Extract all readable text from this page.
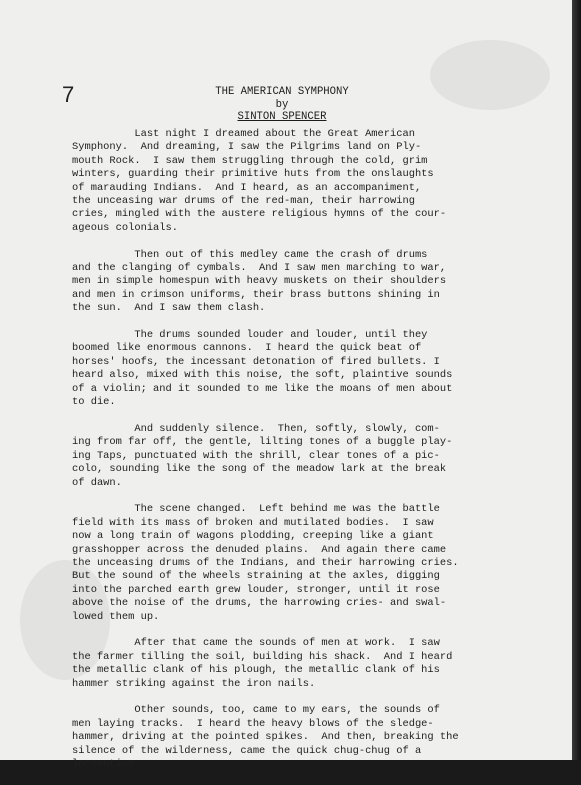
7	THE AMERICAN SYMPHONY
by
SINTON SPENCER
Last night I dreamed about the Great American
Symphony.  And dreaming, I saw the Pilgrims land on Ply-
mouth Rock.  I saw them struggling through the cold, grim
winters, guarding their primitive huts from the onslaughts
of marauding Indians.  And I heard, as an accompaniment,
the unceasing war drums of the red-man, their harrowing
cries, mingled with the austere religious hymns of the cour-
ageous colonials.
Then out of this medley came the crash of drums
and the clanging of cymbals.  And I saw men marching to war,
men in simple homespun with heavy muskets on their shoulders
and men in crimson uniforms, their brass buttons shining in
the sun.  And I saw them clash.
The drums sounded louder and louder, until they
boomed like enormous cannons.  I heard the quick beat of
horses' hoofs, the incessant detonation of fired bullets. I
heard also, mixed with this noise, the soft, plaintive sounds
of a violin; and it sounded to me like the moans of men about
to die.
And suddenly silence.  Then, softly, slowly, com-
ing from far off, the gentle, lilting tones of a buggle play-
ing Taps, punctuated with the shrill, clear tones of a pic-
colo, sounding like the song of the meadow lark at the break
of dawn.
The scene changed.  Left behind me was the battle
field with its mass of broken and mutilated bodies.  I saw
now a long train of wagons plodding, creeping like a giant
grasshopper across the denuded plains.  And again there came
the unceasing drums of the Indians, and their harrowing cries.
But the sound of the wheels straining at the axles, digging
into the parched earth grew louder, stronger, until it rose
above the noise of the drums, the harrowing cries- and swal-
lowed them up.
After that came the sounds of men at work.  I saw
the farmer tilling the soil, building his shack.  And I heard
the metallic clank of his plough, the metallic clank of his
hammer striking against the iron nails.
Other sounds, too, came to my ears, the sounds of
men laying tracks.  I heard the heavy blows of the sledge-
hammer, driving at the pointed spikes.  And then, breaking the
silence of the wilderness, came the quick chug-chug of a
locomotive.
